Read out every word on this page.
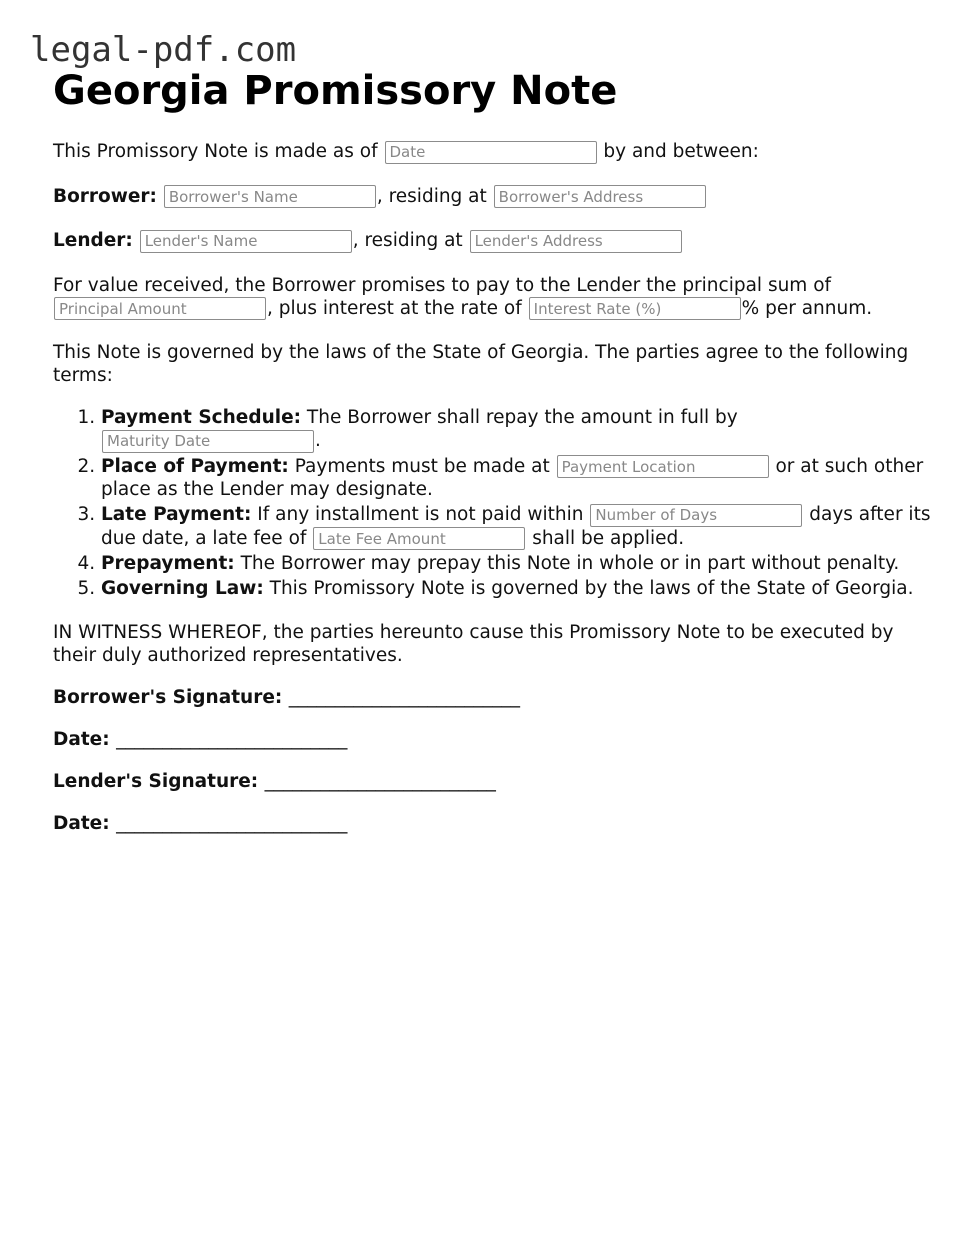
legal-pdf.com
Georgia Promissory Note

This Promissory Note is made as of Date	by and between:

Borrower: Borrower's Name	, residing at Borrower's Address

Lender: Lender's Name	, residing at Lender's Address

For value received, the Borrower promises to pay to the Lender the principal sum of Principal Amount, plus interest at the rate of Interest Rate (%)	% per annum.

This Note is governed by the laws of the State of Georgia. The parties agree to the following terms:

1. Payment Schedule: The Borrower shall repay the amount in full by Maturity Date.
2. Place of Payment: Payments must be made at Payment Location	or at such other place as the Lender may designate.
3. Late Payment: If any installment is not paid within Number of Days	days after its due date, a late fee of Late Fee Amount	shall be applied.
4. Prepayment: The Borrower may prepay this Note in whole or in part without penalty.
5. Governing Law: This Promissory Note is governed by the laws of the State of Georgia.

IN WITNESS WHEREOF, the parties hereunto cause this Promissory Note to be executed by their duly authorized representatives.

Borrower's Signature: _________________________

Date: _________________________

Lender's Signature: _________________________

Date: _________________________
